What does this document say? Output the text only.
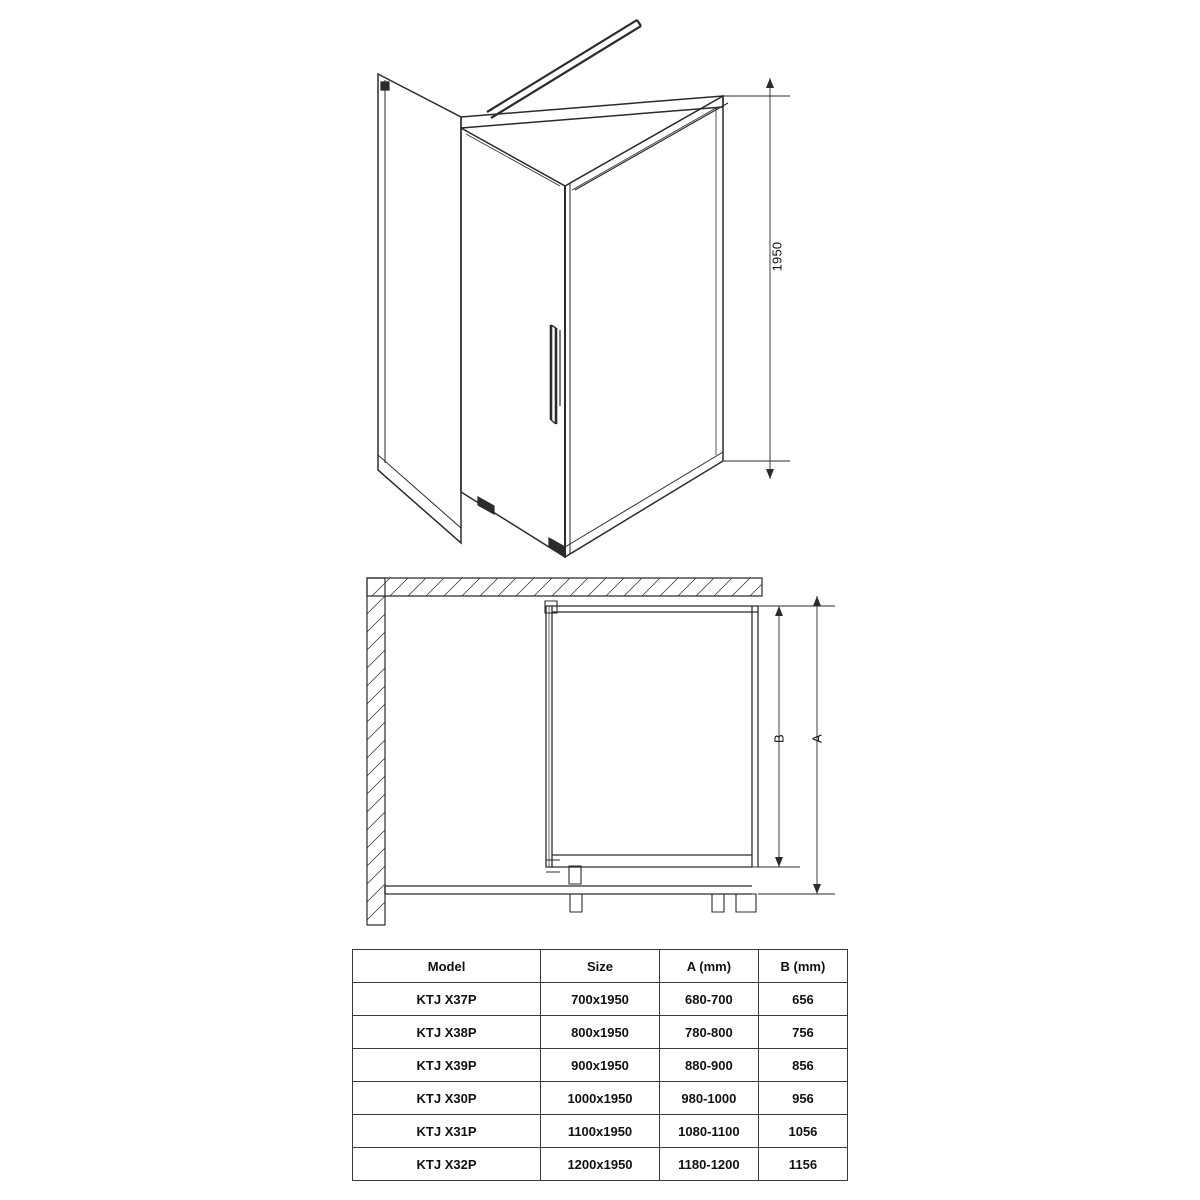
1950
B A
Model	Size	A (mm)	B (mm)
KTJ X37P	700x1950	680-700	656
KTJ X38P	800x1950	780-800	756
KTJ X39P	900x1950	880-900	856
KTJ X30P	1000x1950	980-1000	956
KTJ X31P	1100x1950	1080-1100	1056
KTJ X32P	1200x1950	1180-1200	1156
